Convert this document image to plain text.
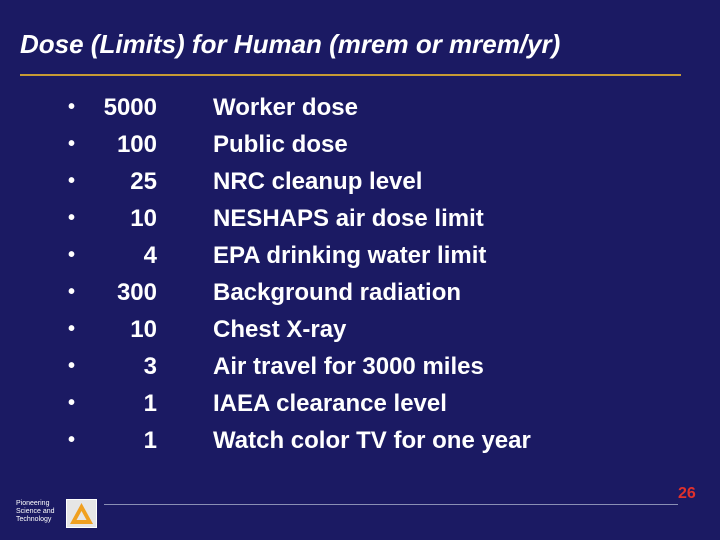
Dose (Limits) for Human (mrem or mrem/yr)
•	5000 Worker dose
•	100 Public dose
•	25 NRC cleanup level
•	10 NESHAPS air dose limit
•	4 EPA drinking water limit
•	300 Background radiation
•	10 Chest X-ray
•	3 Air travel for 3000 miles
•	1 IAEA clearance level
•	1 Watch color TV for one year
Pioneering
Science and
Technology
26
